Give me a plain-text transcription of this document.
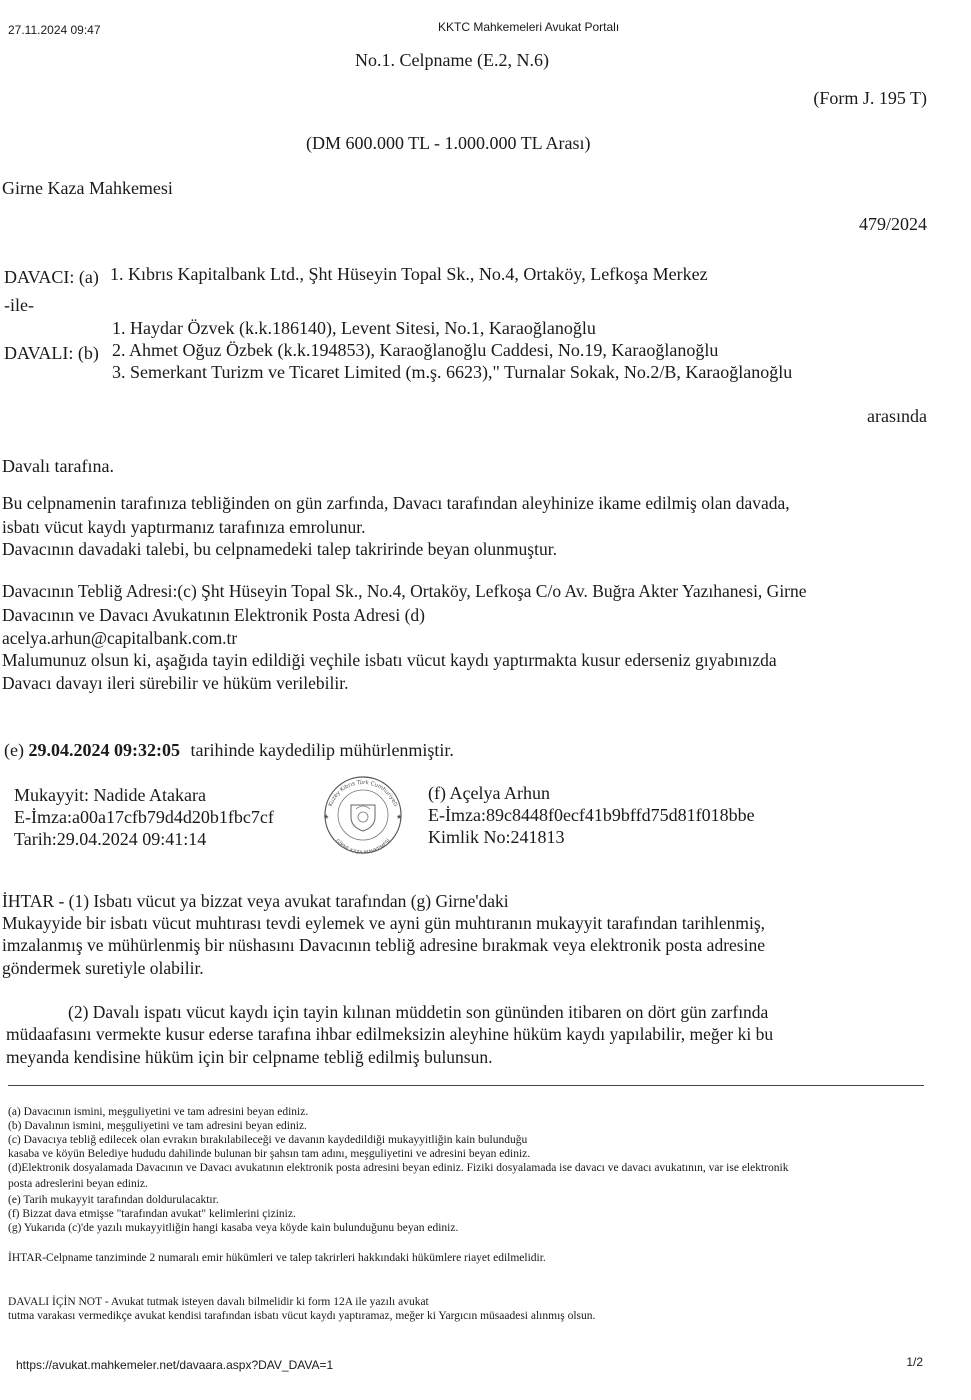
27.11.2024 09:47	KKTC Mahkemeleri Avukat Portalı
No.1. Celpname (E.2, N.6)
(Form J. 195 T)
(DM 600.000 TL - 1.000.000 TL Arası)
Girne Kaza Mahkemesi
479/2024
DAVACI: (a) 1. Kıbrıs Kapitalbank Ltd., Şht Hüseyin Topal Sk., No.4, Ortaköy, Lefkoşa Merkez
-ile-
1. Haydar Özvek (k.k.186140), Levent Sitesi, No.1, Karaoğlanoğlu
DAVALI: (b) 2. Ahmet Oğuz Özbek (k.k.194853), Karaoğlanoğlu Caddesi, No.19, Karaoğlanoğlu
3. Semerkant Turizm ve Ticaret Limited (m.ş. 6623)," Turnalar Sokak, No.2/B, Karaoğlanoğlu
arasında
Davalı tarafına.
Bu celpnamenin tarafınıza tebliğinden on gün zarfında, Davacı tarafından aleyhinize ikame edilmiş olan davada,
isbatı vücut kaydı yaptırmanız tarafınıza emrolunur.
Davacının davadaki talebi, bu celpnamedeki talep takririnde beyan olunmuştur.
Davacının Tebliğ Adresi:(c) Şht Hüseyin Topal Sk., No.4, Ortaköy, Lefkoşa C/o Av. Buğra Akter Yazıhanesi, Girne
Davacının ve Davacı Avukatının Elektronik Posta Adresi (d)
acelya.arhun@capitalbank.com.tr
Malumunuz olsun ki, aşağıda tayin edildiği veçhile isbatı vücut kaydı yaptırmakta kusur ederseniz gıyabınızda
Davacı davayı ileri sürebilir ve hüküm verilebilir.
(e) 29.04.2024 09:32:05 tarihinde kaydedilip mühürlenmiştir.
Mukayyit: Nadide Atakara
E-İmza:a00a17cfb79d4d20b1fbc7cf
Tarih:29.04.2024 09:41:14
Kuzey Kıbrıs Türk Cumhuriyeti
GİRNE KAZA MAHKEMESİ
★	★
(f) Açelya Arhun
E-İmza:89c8448f0ecf41b9bffd75d81f018bbe
Kimlik No:241813
İHTAR - (1) Isbatı vücut ya bizzat veya avukat tarafından (g) Girne'daki
Mukayyide bir isbatı vücut muhtırası tevdi eylemek ve ayni gün muhtıranın mukayyit tarafından tarihlenmiş,
imzalanmış ve mühürlenmiş bir nüshasını Davacının tebliğ adresine bırakmak veya elektronik posta adresine
göndermek suretiyle olabilir.
(2) Davalı ispatı vücut kaydı için tayin kılınan müddetin son gününden itibaren on dört gün zarfında
müdaafasını vermekte kusur ederse tarafına ihbar edilmeksizin aleyhine hüküm kaydı yapılabilir, meğer ki bu
meyanda kendisine hüküm için bir celpname tebliğ edilmiş bulunsun.
(a) Davacının ismini, meşguliyetini ve tam adresini beyan ediniz.
(b) Davalının ismini, meşguliyetini ve tam adresini beyan ediniz.
(c) Davacıya tebliğ edilecek olan evrakın bırakılabileceği ve davanın kaydedildiği mukayyitliğin kain bulunduğu
kasaba ve köyün Belediye hududu dahilinde bulunan bir şahsın tam adını, meşguliyetini ve adresini beyan ediniz.
(d)Elektronik dosyalamada Davacının ve Davacı avukatının elektronik posta adresini beyan ediniz. Fiziki dosyalamada ise davacı ve davacı avukatının, var ise elektronik
posta adreslerini beyan ediniz.
(e) Tarih mukayyit tarafından doldurulacaktır.
(f) Bizzat dava etmişse "tarafından avukat" kelimlerini çiziniz.
(g) Yukarıda (c)'de yazılı mukayyitliğin hangi kasaba veya köyde kain bulunduğunu beyan ediniz.
İHTAR-Celpname tanziminde 2 numaralı emir hükümleri ve talep takrirleri hakkındaki hükümlere riayet edilmelidir.
DAVALI İÇİN NOT - Avukat tutmak isteyen davalı bilmelidir ki form 12A ile yazılı avukat
tutma varakası vermedikçe avukat kendisi tarafından isbatı vücut kaydı yaptıramaz, meğer ki Yargıcın müsaadesi alınmış olsun.
https://avukat.mahkemeler.net/davaara.aspx?DAV_DAVA=1	1/2
